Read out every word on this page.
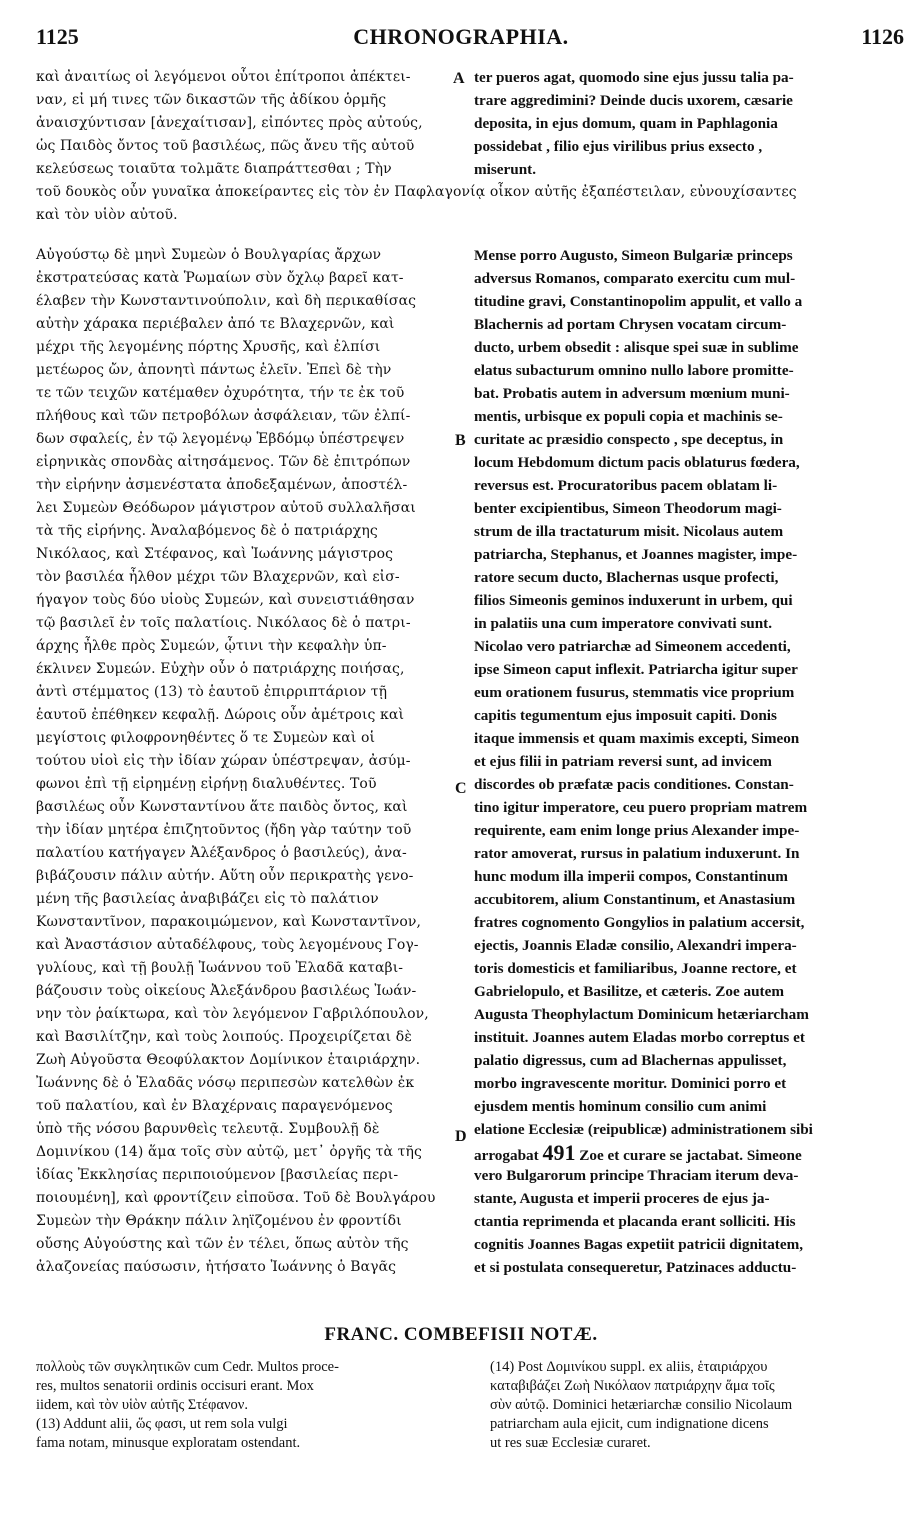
1125	CHRONOGRAPHIA.	1126
καὶ ἀναιτίως οἱ λεγόμενοι οὗτοι ἐπίτροποι ἀπέκτει-
ναν, εἰ μή τινες τῶν δικαστῶν τῆς ἀδίκου ὁρμῆς
ἀναισχύντισαν [ἀνεχαίτισαν], εἰπόντες πρὸς αὐτούς,
ὡς Παιδὸς ὄντος τοῦ βασιλέως, πῶς ἄνευ τῆς αὐτοῦ
κελεύσεως τοιαῦτα τολμᾶτε διαπράττεσθαι ; Τὴν
ter pueros agat, quomodo sine ejus jussu talia pa-
trare aggredimini? Deinde ducis uxorem, cæsarie
deposita, in ejus domum, quam in Paphlagonia
possidebat , filio ejus virilibus prius exsecto ,
miserunt.
τοῦ δουκὸς οὖν γυναῖκα ἀποκείραντες εἰς τὸν ἐν Παφλαγονίᾳ οἶκον αὐτῆς ἐξαπέστειλαν, εὐνουχίσαντες
καὶ τὸν υἱὸν αὐτοῦ.
Αὐγούστῳ δὲ μηνὶ Συμεὼν ὁ Βουλγαρίας ἄρχων
ἐκστρατεύσας κατὰ Ῥωμαίων σὺν ὄχλῳ βαρεῖ κατ-
έλαβεν τὴν Κωνσταντινούπολιν, καὶ δὴ περικαθίσας
αὐτὴν χάρακα περιέβαλεν ἀπό τε Βλαχερνῶν, καὶ
μέχρι τῆς λεγομένης πόρτης Χρυσῆς, καὶ ἐλπίσι
μετέωρος ὤν, ἀπονητὶ πάντως ἑλεῖν. Ἐπεὶ δὲ τὴν
τε τῶν τειχῶν κατέμαθεν ὀχυρότητα, τήν τε ἐκ τοῦ
πλήθους καὶ τῶν πετροβόλων ἀσφάλειαν, τῶν ἐλπί-
δων σφαλείς, ἐν τῷ λεγομένῳ Ἑβδόμῳ ὑπέστρεψεν
εἰρηνικὰς σπονδὰς αἰτησάμενος. Τῶν δὲ ἐπιτρόπων
τὴν εἰρήνην ἀσμενέστατα ἀποδεξαμένων, ἀποστέλ-
λει Συμεὼν Θεόδωρον μάγιστρον αὐτοῦ συλλαλῆσαι
τὰ τῆς εἰρήνης. Ἀναλαβόμενος δὲ ὁ πατριάρχης
Νικόλαος, καὶ Στέφανος, καὶ Ἰωάννης μάγιστρος
τὸν βασιλέα ἦλθον μέχρι τῶν Βλαχερνῶν, καὶ εἰσ-
ήγαγον τοὺς δύο υἱοὺς Συμεών, καὶ συνειστιάθησαν
τῷ βασιλεῖ ἐν τοῖς παλατίοις. Νικόλαος δὲ ὁ πατρι-
άρχης ἦλθε πρὸς Συμεών, ᾧτινι τὴν κεφαλὴν ὑπ-
έκλινεν Συμεών. Εὐχὴν οὖν ὁ πατριάρχης ποιήσας,
ἀντὶ στέμματος (13) τὸ ἑαυτοῦ ἐπιρριπτάριον τῇ
ἑαυτοῦ ἐπέθηκεν κεφαλῇ. Δώροις οὖν ἀμέτροις καὶ
μεγίστοις φιλοφρονηθέντες ὅ τε Συμεὼν καὶ οἱ
τούτου υἱοὶ εἰς τὴν ἰδίαν χώραν ὑπέστρεψαν, ἀσύμ-
φωνοι ἐπὶ τῇ εἰρημένῃ εἰρήνῃ διαλυθέντες. Τοῦ
βασιλέως οὖν Κωνσταντίνου ἅτε παιδὸς ὄντος, καὶ
τὴν ἰδίαν μητέρα ἐπιζητοῦντος (ἤδη γὰρ ταύτην τοῦ
παλατίου κατήγαγεν Ἀλέξανδρος ὁ βασιλεύς), ἀνα-
βιβάζουσιν πάλιν αὐτήν. Αὕτη οὖν περικρατὴς γενο-
μένη τῆς βασιλείας ἀναβιβάζει εἰς τὸ παλάτιον
Κωνσταντῖνον, παρακοιμώμενον, καὶ Κωνσταντῖνον,
καὶ Ἀναστάσιον αὐταδέλφους, τοὺς λεγομένους Γογ-
γυλίους, καὶ τῇ βουλῇ Ἰωάννου τοῦ Ἐλαδᾶ καταβι-
βάζουσιν τοὺς οἰκείους Ἀλεξάνδρου βασιλέως Ἰωάν-
νην τὸν ῥαίκτωρα, καὶ τὸν λεγόμενον Γαβριλόπουλον,
καὶ Βασιλίτζην, καὶ τοὺς λοιπούς. Προχειρίζεται δὲ
Ζωὴ Αὐγοῦστα Θεοφύλακτον Δομίνικον ἑταιριάρχην.
Ἰωάννης δὲ ὁ Ἐλαδᾶς νόσῳ περιπεσὼν κατελθὼν ἐκ
τοῦ παλατίου, καὶ ἐν Βλαχέρναις παραγενόμενος
ὑπὸ τῆς νόσου βαρυνθεὶς τελευτᾷ. Συμβουλῇ δὲ
Δομινίκου (14) ἅμα τοῖς σὺν αὐτῷ, μετ᾽ ὀργῆς τὰ τῆς
ἰδίας Ἐκκλησίας περιποιούμενον [βασιλείας περι-
ποιουμένη], καὶ φροντίζειν εἰποῦσα. Τοῦ δὲ Βουλγάρου
Συμεὼν τὴν Θράκην πάλιν ληϊζομένου ἐν φροντίδι
οὔσης Αὐγούστης καὶ τῶν ἐν τέλει, ὅπως αὐτὸν τῆς
ἀλαζονείας παύσωσιν, ἠτήσατο Ἰωάννης ὁ Βαγᾶς
Mense porro Augusto, Simeon Bulgariæ princeps
adversus Romanos, comparato exercitu cum mul-
titudine gravi, Constantinopolim appulit, et vallo a
Blachernis ad portam Chrysen vocatam circum-
ducto, urbem obsedit : alisque spei suæ in sublime
elatus subacturum omnino nullo labore promitte-
bat. Probatis autem in adversum mœnium muni-
mentis, urbisque ex populi copia et machinis se-
curitate ac præsidio conspecto , spe deceptus, in
locum Hebdomum dictum pacis oblaturus fœdera,
reversus est. Procuratoribus pacem oblatam li-
benter excipientibus, Simeon Theodorum magi-
strum de illa tractaturum misit. Nicolaus autem
patriarcha, Stephanus, et Joannes magister, impe-
ratore secum ducto, Blachernas usque profecti,
filios Simeonis geminos induxerunt in urbem, qui
in palatiis una cum imperatore convivati sunt.
Nicolao vero patriarchæ ad Simeonem accedenti,
ipse Simeon caput inflexit. Patriarcha igitur super
eum orationem fusurus, stemmatis vice proprium
capitis tegumentum ejus imposuit capiti. Donis
itaque immensis et quam maximis excepti, Simeon
et ejus filii in patriam reversi sunt, ad invicem
discordes ob præfatæ pacis conditiones. Constan-
tino igitur imperatore, ceu puero propriam matrem
requirente, eam enim longe prius Alexander impe-
rator amoverat, rursus in palatium induxerunt. In
hunc modum illa imperii compos, Constantinum
accubitorem, alium Constantinum, et Anastasium
fratres cognomento Gongylios in palatium accersit,
ejectis, Joannis Eladæ consilio, Alexandri impera-
toris domesticis et familiaribus, Joanne rectore, et
Gabrielopulo, et Basilitze, et cæteris. Zoe autem
Augusta Theophylactum Dominicum hetæriarcham
instituit. Joannes autem Eladas morbo correptus et
palatio digressus, cum ad Blachernas appulisset,
morbo ingravescente moritur. Dominici porro et
ejusdem mentis hominum consilio cum animi
elatione Ecclesiæ (reipublicæ) administrationem sibi
arrogabat 491 Zoe et curare se jactabat. Simeone
vero Bulgarorum principe Thraciam iterum deva-
stante, Augusta et imperii proceres de ejus ja-
ctantia reprimenda et placanda erant solliciti. His
cognitis Joannes Bagas expetiit patricii dignitatem,
et si postulata consequeretur, Patzinaces adductu-
A
B
C
D
FRANC. COMBEFISII NOTÆ.
πολλοὺς τῶν συγκλητικῶν cum Cedr. Multos proce-
res, multos senatorii ordinis occisuri erant. Mox
iidem, καὶ τὸν υἱὸν αὐτῆς Στέφανον.
(13) Addunt alii, ὥς φασι, ut rem sola vulgi
fama notam, minusque exploratam ostendant.
(14) Post Δομινίκου suppl. ex aliis, ἑταιριάρχου
καταβιβάζει Ζωὴ Νικόλαον πατριάρχην ἅμα τοῖς
σὺν αὐτῷ. Dominici hetæriarchæ consilio Nicolaum
patriarcham aula ejicit, cum indignatione dicens
ut res suæ Ecclesiæ curaret.
